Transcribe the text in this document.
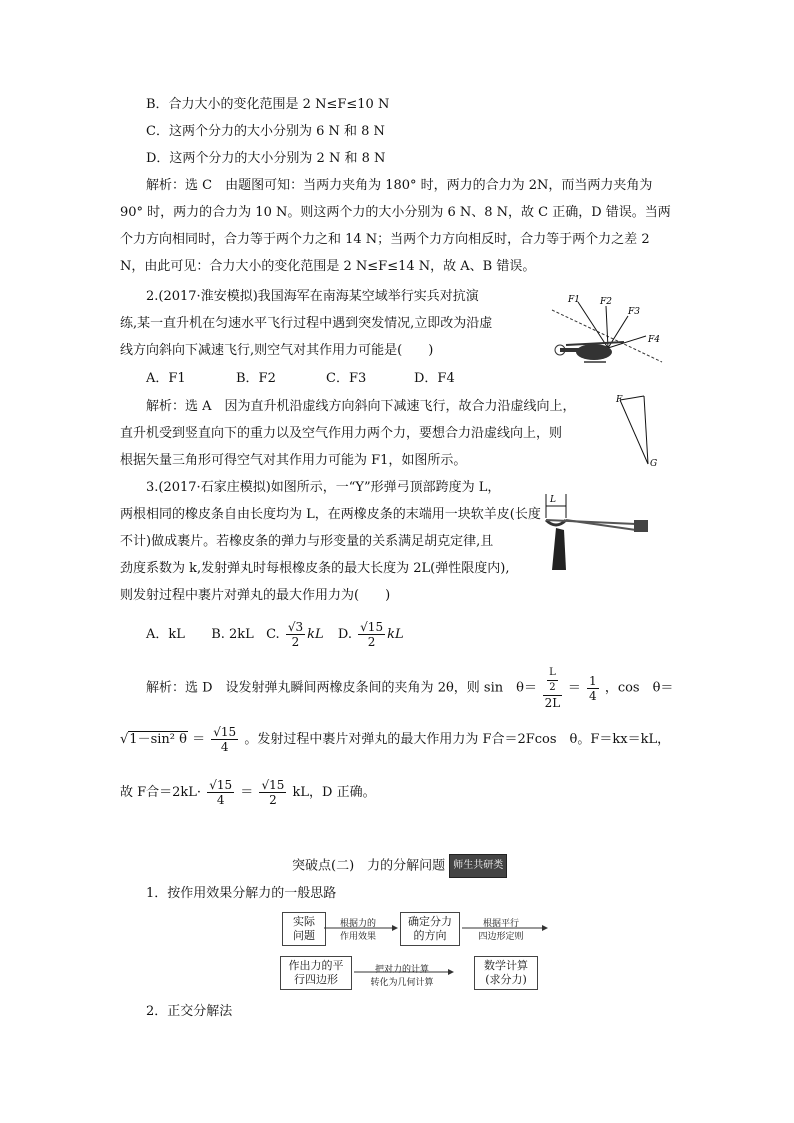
B．合力大小的变化范围是 2 N≤F≤10 N
C．这两个分力的大小分别为 6 N 和 8 N
D．这两个分力的大小分别为 2 N 和 8 N
解析：选 C　由题图可知：当两力夹角为 180° 时，两力的合力为 2N，而当两力夹角为
90° 时，两力的合力为 10 N。则这两个力的大小分别为 6 N、8 N，故 C 正确，D 错误。当两
个力方向相同时，合力等于两个力之和 14 N；当两个力方向相反时，合力等于两个力之差 2
N，由此可见：合力大小的变化范围是 2 N≤F≤14 N，故 A、B 错误。
2.(2017·淮安模拟)我国海军在南海某空域举行实兵对抗演
练,某一直升机在匀速水平飞行过程中遇到突发情况,立即改为沿虚
线方向斜向下减速飞行,则空气对其作用力可能是(　　)
A．F1	B．F2	C．F3	D．F4
解析：选 A　因为直升机沿虚线方向斜向下减速飞行，故合力沿虚线向上，
直升机受到竖直向下的重力以及空气作用力两个力，要想合力沿虚线向上，则
根据矢量三角形可得空气对其作用力可能为 F1，如图所示。
F1 F2
F3
F4
F
G
3.(2017·石家庄模拟)如图所示，一“Y”形弹弓顶部跨度为 L，
两根相同的橡皮条自由长度均为 L，在两橡皮条的末端用一块软羊皮(长度
不计)做成裹片。若橡皮条的弹力与形变量的关系满足胡克定律,且
劲度系数为 k,发射弹丸时每根橡皮条的最大长度为 2L(弹性限度内),
则发射过程中裹片对弹丸的最大作用力为(　　)
L
A．kL B. 2kL C. $\frac{√3}{2}$ kL D. $\frac{√15}{2}$ kL
解析：选 D　设发射弹丸瞬间两橡皮条间的夹角为 2θ，则 sin　$\theta= \frac{\frac{L}{2}}{2L} = \frac{1}{4}$ ，cos　θ＝
√1－sin² $\theta = \frac{√15}{4}$ 。发射过程中裹片对弹丸的最大作用力为 F合＝2Fcos　θ。F＝kx＝kL，
故 F合$=2kL\cdot \frac{√15}{4} = \frac{√15}{2}$ kL，D 正确。
突破点(二)　力的分解问题 师生共研类
1．按作用效果分解力的一般思路
实际
问题
根据力的
作用效果
确定分力
的方向
根据平行
四边形定则
作出力的平
行四边形
把对力的计算
转化为几何计算
数学计算
(求分力)
2．正交分解法
